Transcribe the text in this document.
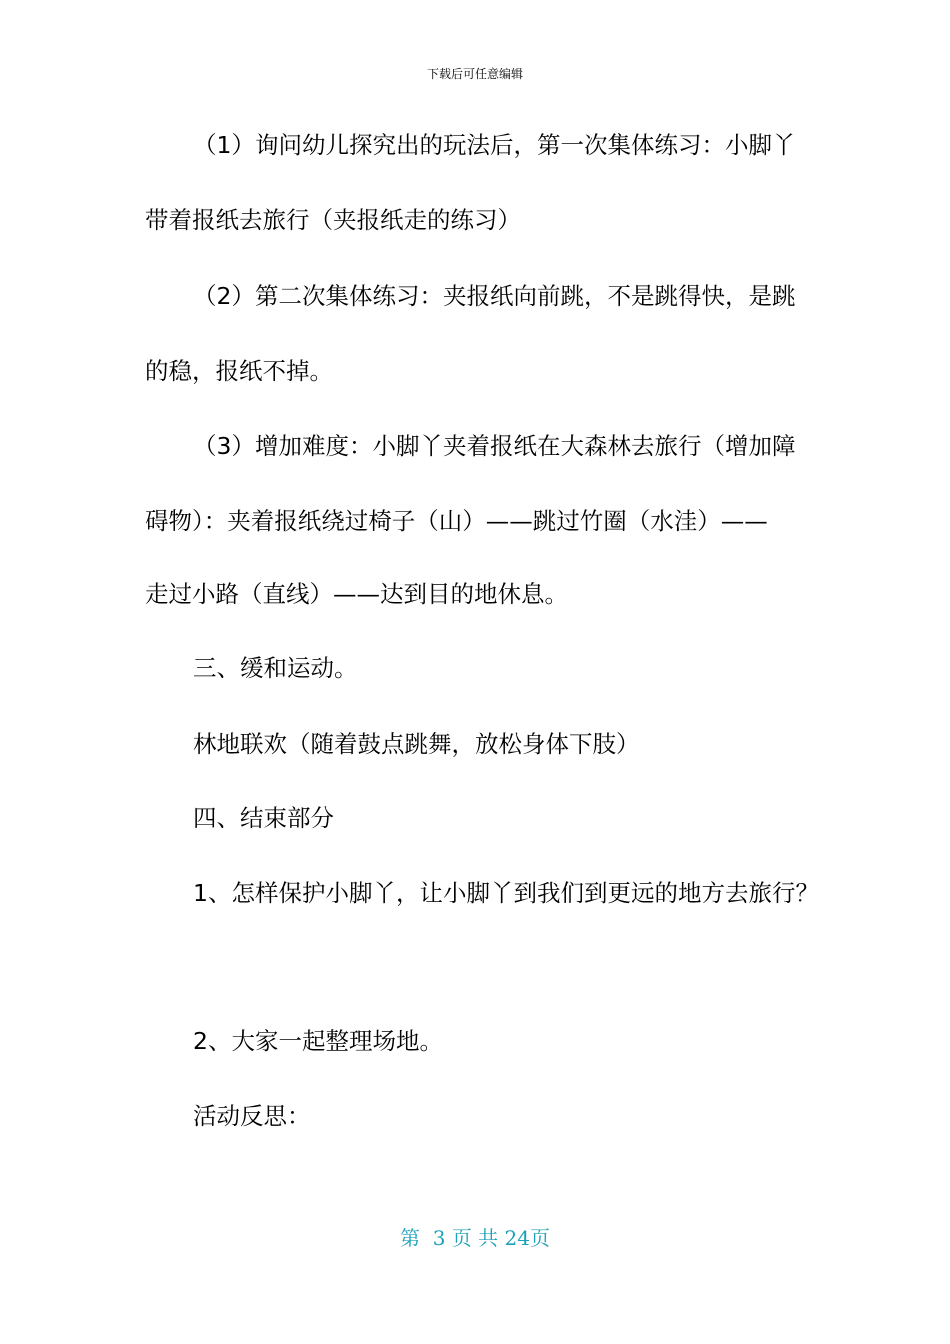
下载后可任意编辑
（1）询问幼儿探究出的玩法后，第一次集体练习：小脚丫
带着报纸去旅行（夹报纸走的练习）
（2）第二次集体练习：夹报纸向前跳，不是跳得快，是跳
的稳，报纸不掉。
（3）增加难度：小脚丫夹着报纸在大森林去旅行（增加障
碍物）：夹着报纸绕过椅子（山）——跳过竹圈（水洼）——
走过小路（直线）——达到目的地休息。
三、缓和运动。
林地联欢（随着鼓点跳舞，放松身体下肢）
四、结束部分
1、怎样保护小脚丫，让小脚丫到我们到更远的地方去旅行？
2、大家一起整理场地。
活动反思：
第 3 页 共 24页
